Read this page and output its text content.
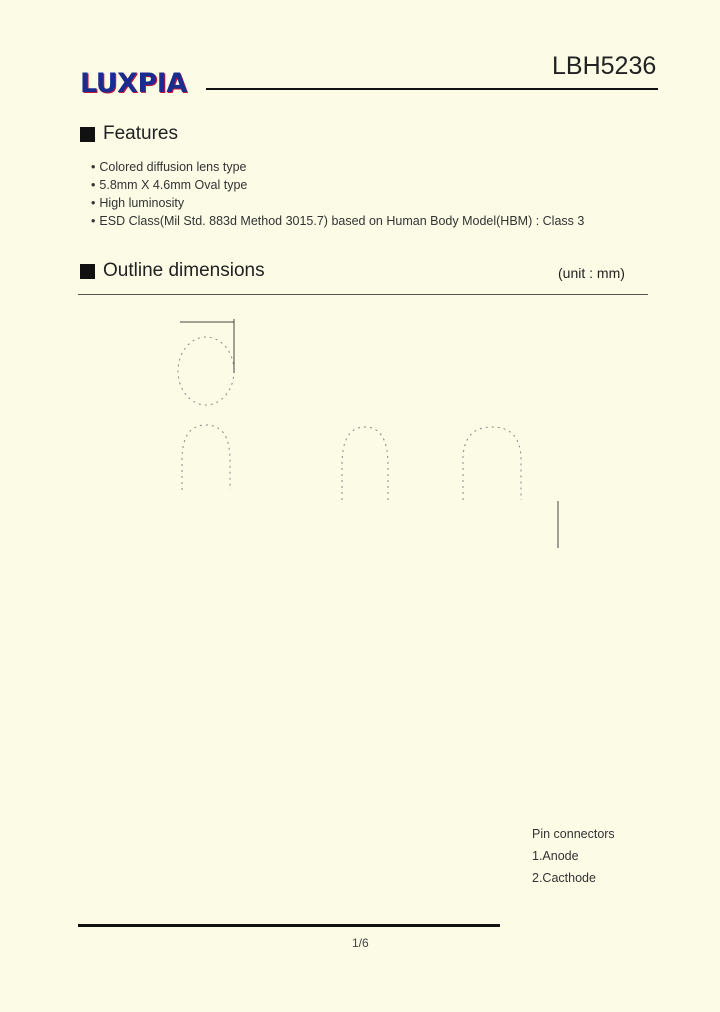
LUXPIA
LBH5236
Features
• Colored diffusion lens type
• 5.8mm X 4.6mm Oval type
• High luminosity
• ESD Class(Mil Std. 883d Method 3015.7) based on Human Body Model(HBM) : Class 3
Outline dimensions	(unit : mm)
Pin connectors
1.Anode
2.Cacthode
1/6
